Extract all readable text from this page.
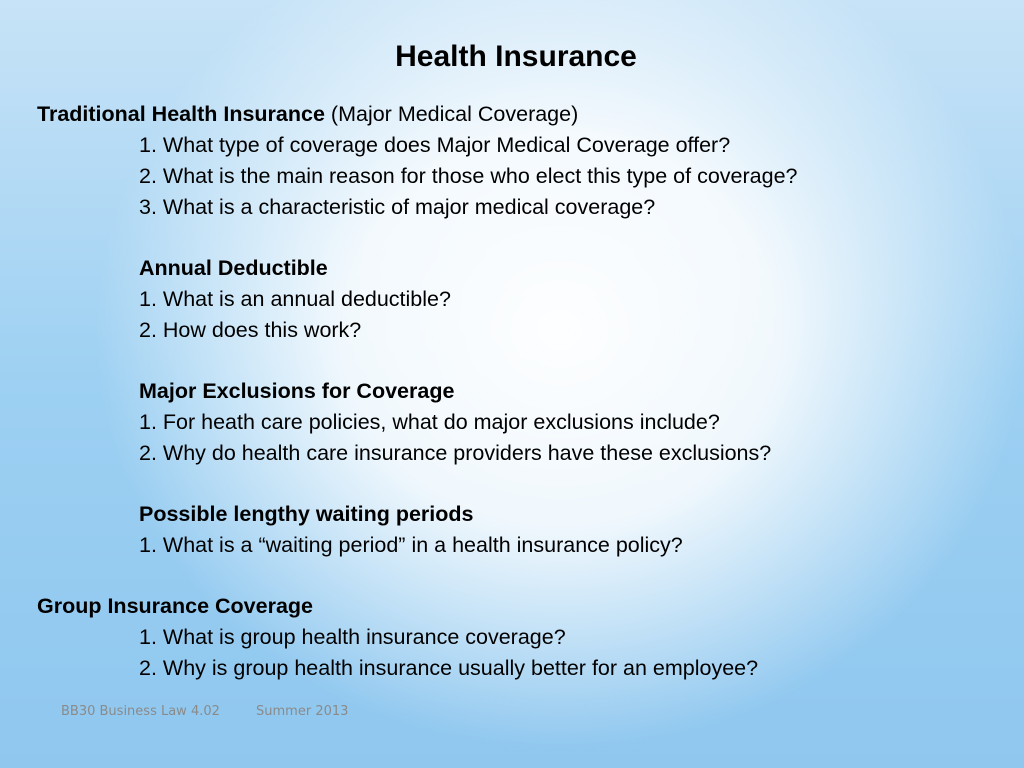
Health Insurance
Traditional Health Insurance (Major Medical Coverage)
1. What type of coverage does Major Medical Coverage offer?
2. What is the main reason for those who elect this type of coverage?
3. What is a characteristic of major medical coverage?
Annual Deductible
1. What is an annual deductible?
2. How does this work?
Major Exclusions for Coverage
1. For heath care policies, what do major exclusions include?
2. Why do health care insurance providers have these exclusions?
Possible lengthy waiting periods
1. What is a “waiting period” in a health insurance policy?
Group Insurance Coverage
1. What is group health insurance coverage?
2. Why is group health insurance usually better for an employee?
BB30 Business Law 4.02	Summer 2013
